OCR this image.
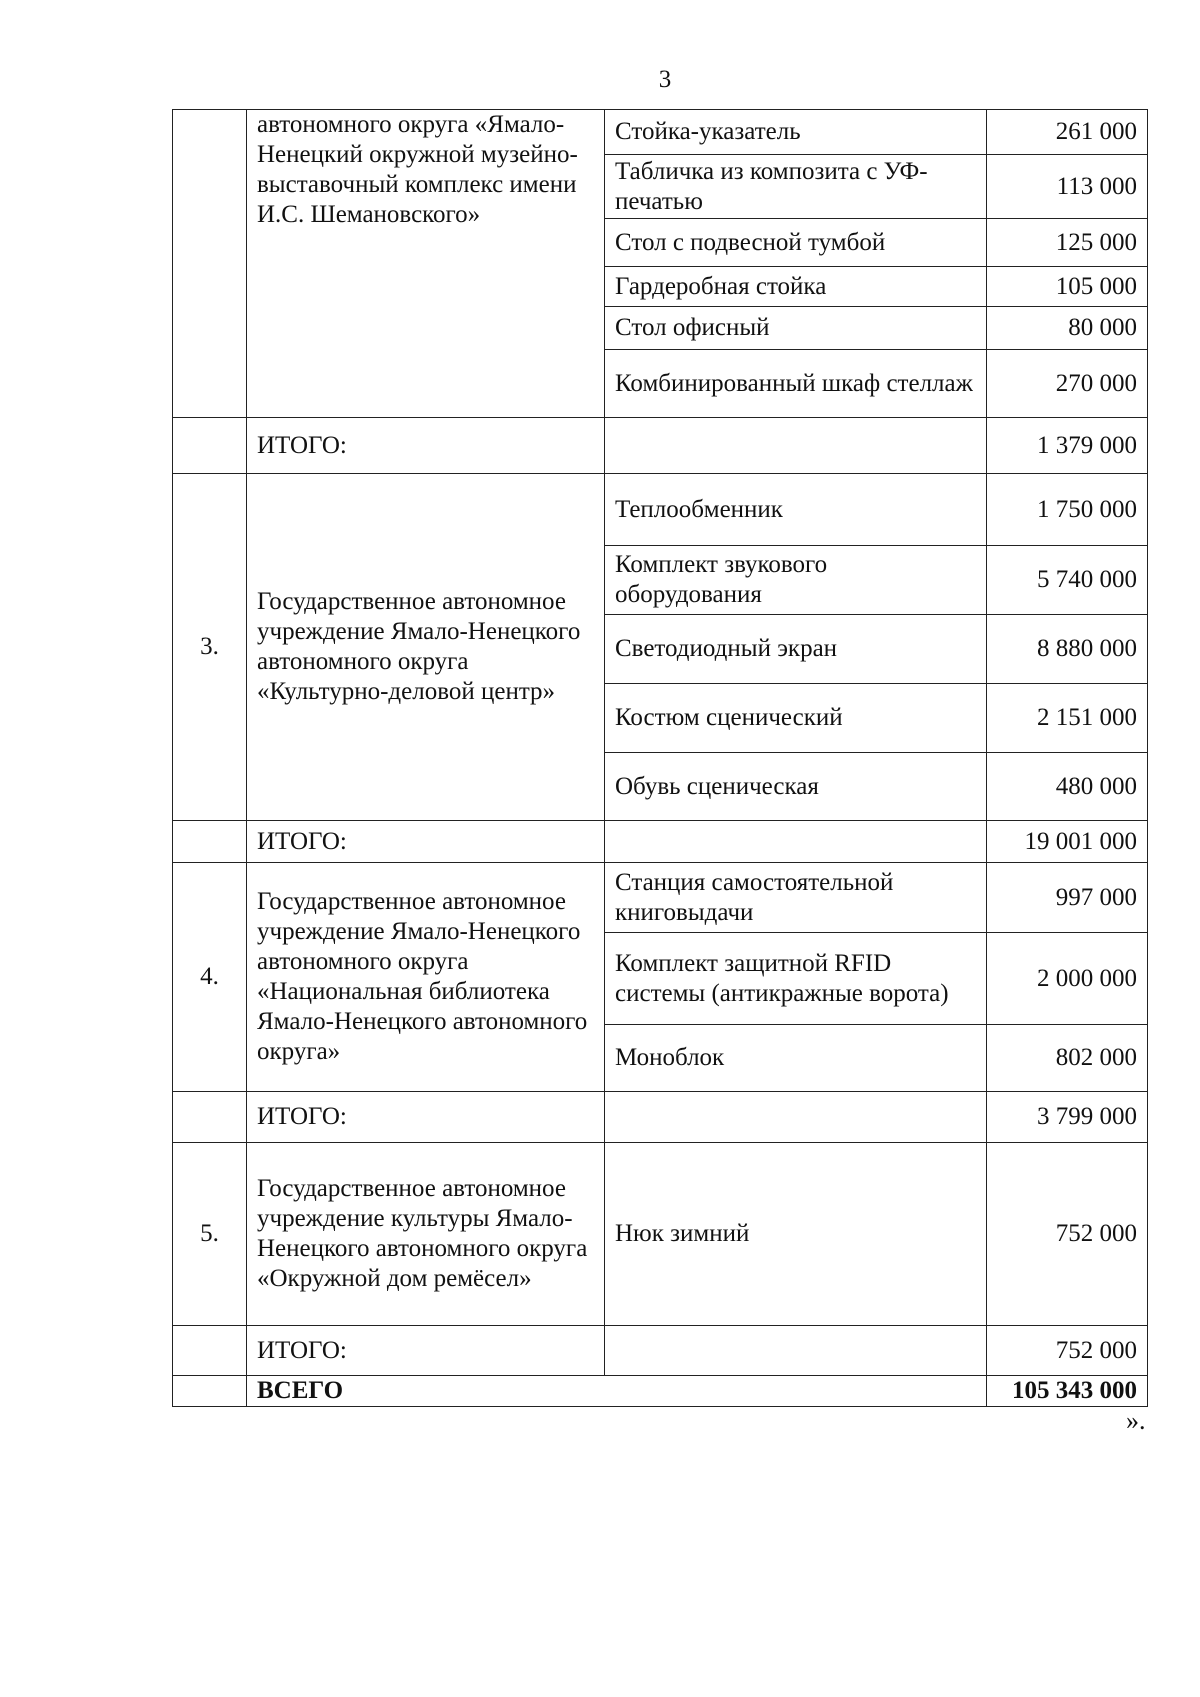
3
	автономного округа «Ямало-Ненецкий окружной музейно-выставочный комплекс имени И.С. Шемановского»	Стойка-указатель	261 000
		Табличка из композита с УФ-печатью	113 000
		Стол с подвесной тумбой	125 000
		Гардеробная стойка	105 000
		Стол офисный	80 000
		Комбинированный шкаф стеллаж	270 000
	ИТОГО:		1 379 000
3.	Государственное автономное учреждение Ямало-Ненецкого автономного округа «Культурно-деловой центр»	Теплообменник	1 750 000
		Комплект звукового оборудования	5 740 000
		Светодиодный экран	8 880 000
		Костюм сценический	2 151 000
		Обувь сценическая	480 000
	ИТОГО:		19 001 000
4.	Государственное автономное учреждение Ямало-Ненецкого автономного округа «Национальная библиотека Ямало-Ненецкого автономного округа»	Станция самостоятельной книговыдачи	997 000
		Комплект защитной RFID системы (антикражные ворота)	2 000 000
		Моноблок	802 000
	ИТОГО:		3 799 000
5.	Государственное автономное учреждение культуры Ямало-Ненецкого автономного округа «Окружной дом ремёсел»	Нюк зимний	752 000
	ИТОГО:		752 000
	ВСЕГО		105 343 000
».
